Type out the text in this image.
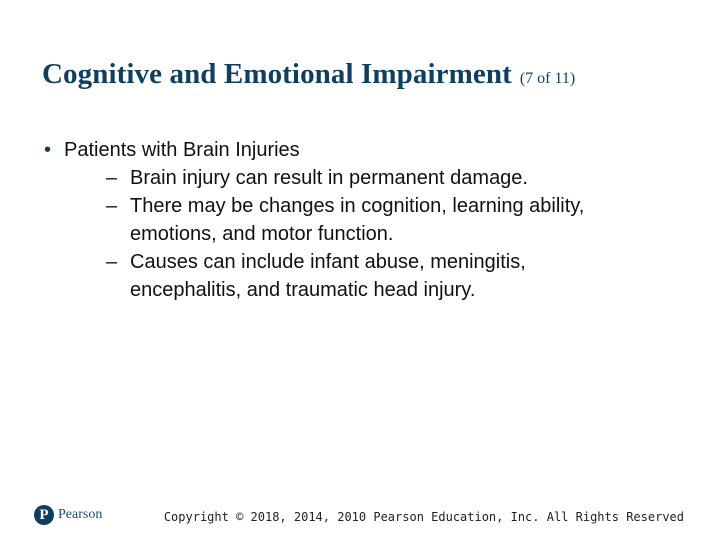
Cognitive and Emotional Impairment (7 of 11)
• Patients with Brain Injuries
– Brain injury can result in permanent damage.
– There may be changes in cognition, learning ability, emotions, and motor function.
– Causes can include infant abuse, meningitis, encephalitis, and traumatic head injury.
P Pearson	Copyright © 2018, 2014, 2010 Pearson Education, Inc. All Rights Reserved
